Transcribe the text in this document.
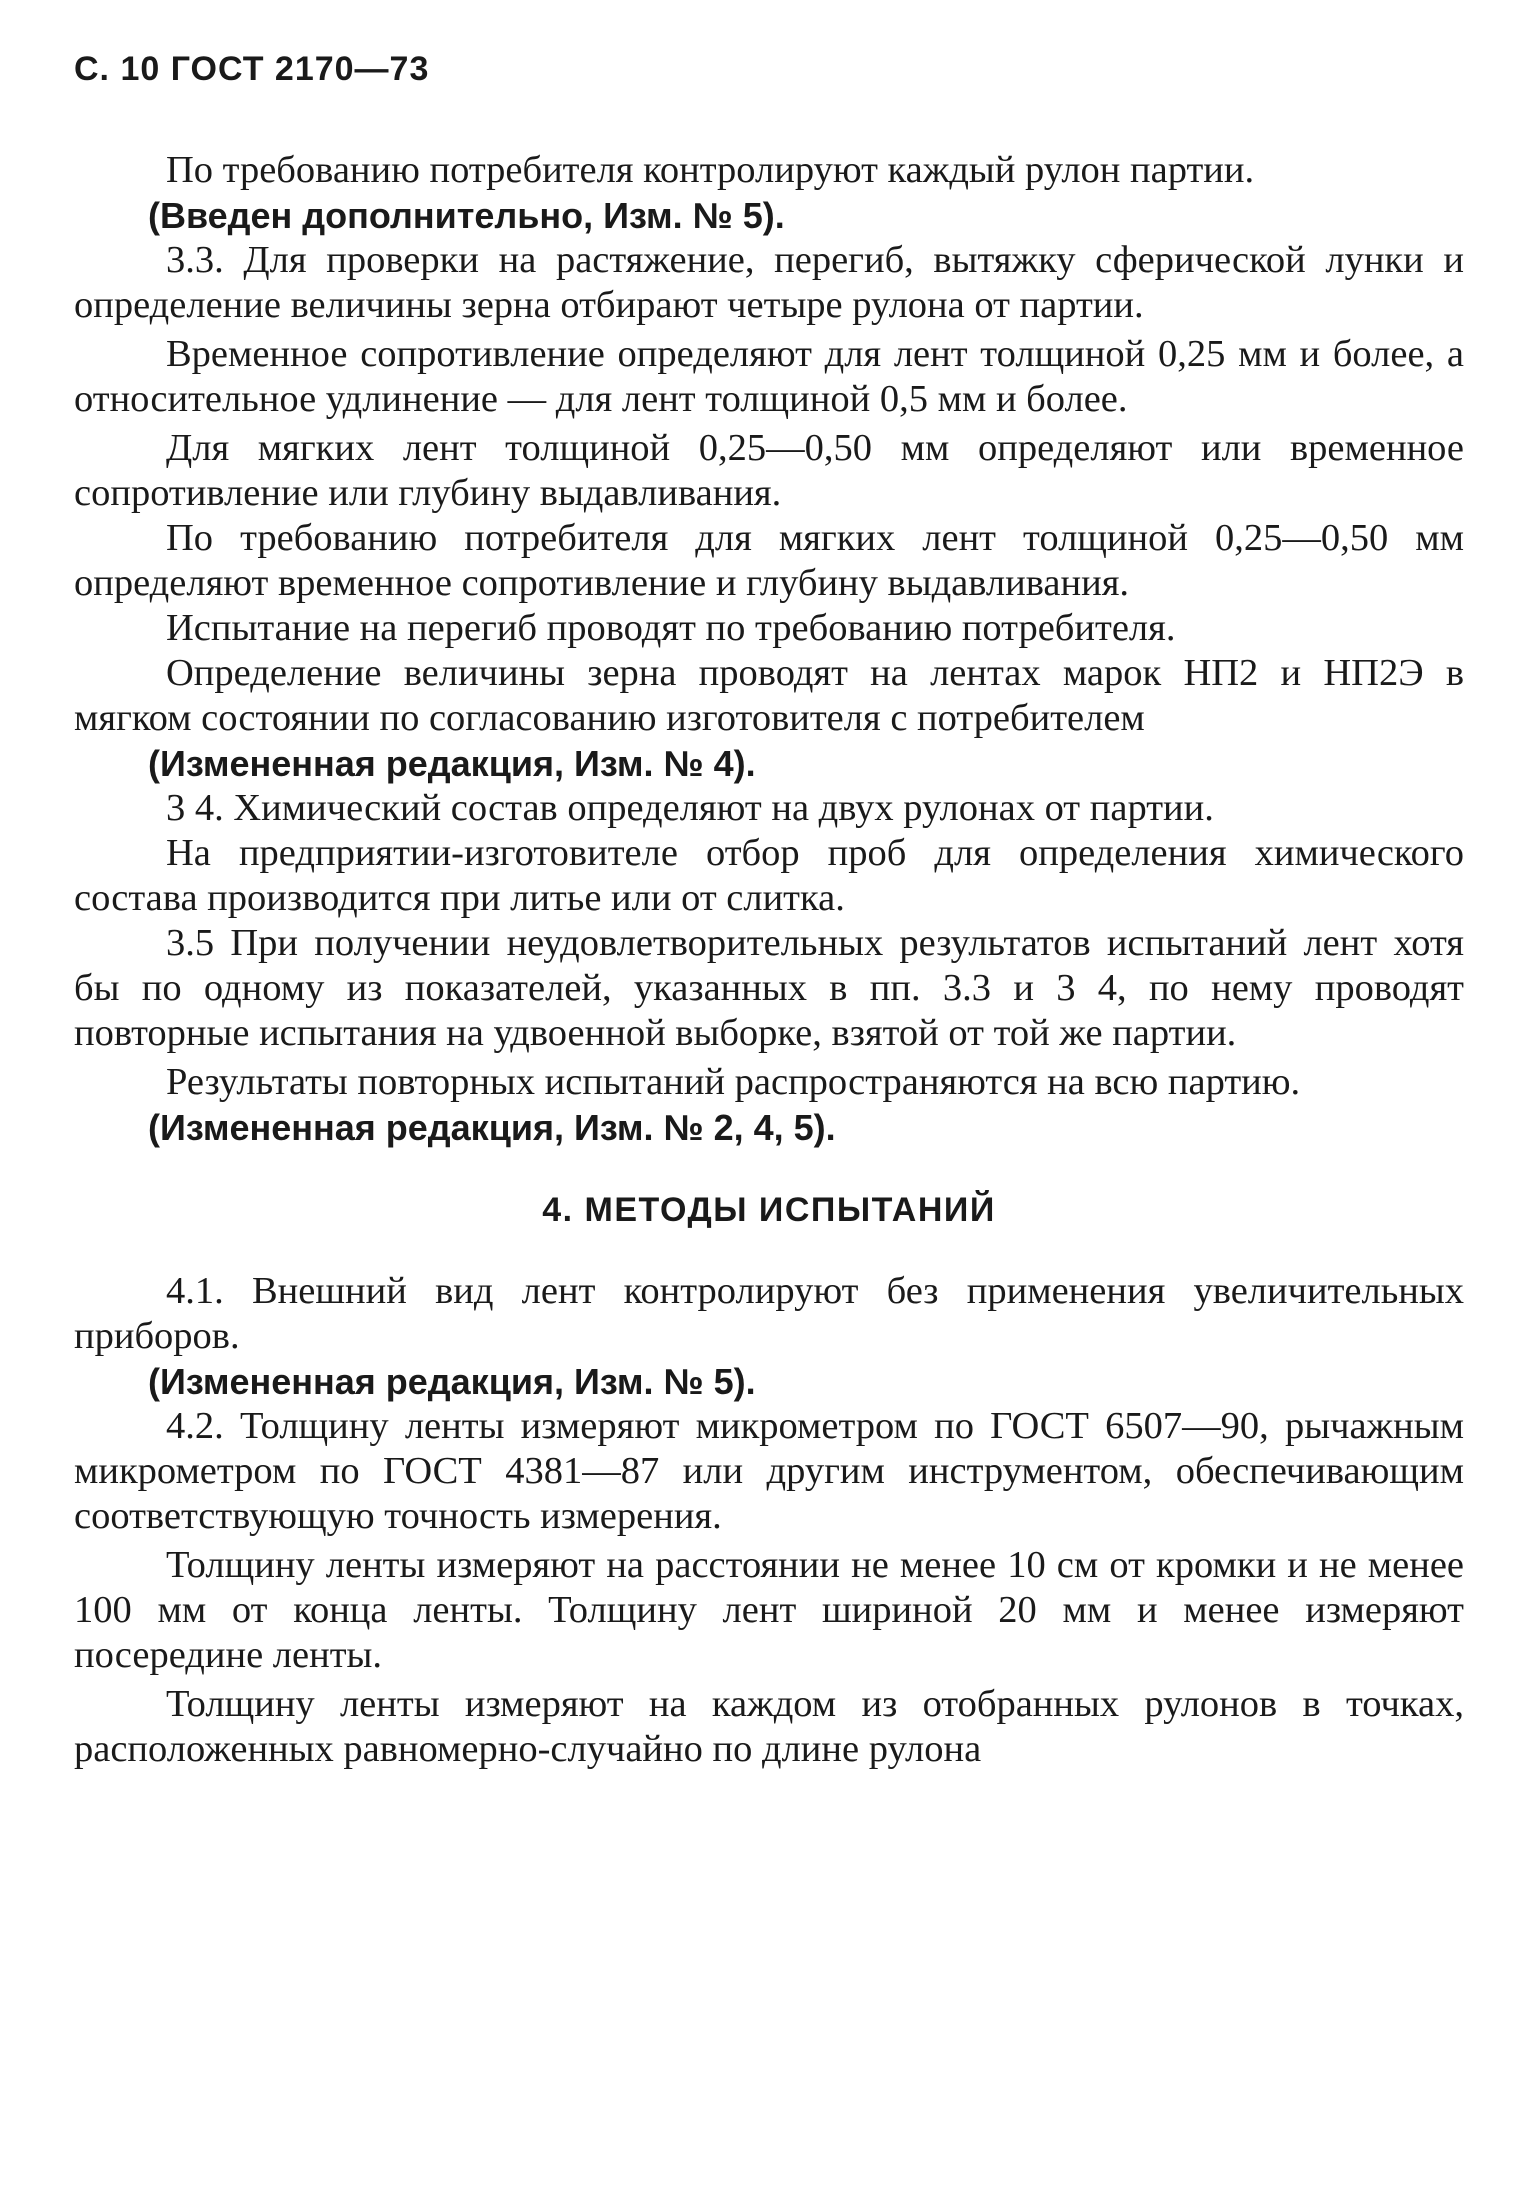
С. 10 ГОСТ 2170—73

По требованию потребителя контролируют каждый рулон партии.

(Введен дополнительно, Изм. № 5).

3.3. Для проверки на растяжение, перегиб, вытяжку сферической лунки и определение величины зерна отбирают четыре рулона от партии.

Временное сопротивление определяют для лент толщиной 0,25 мм и более, а относительное удлинение — для лент толщиной 0,5 мм и более.

Для мягких лент толщиной 0,25—0,50 мм определяют или временное сопротивление или глубину выдавливания.

По требованию потребителя для мягких лент толщиной 0,25—0,50 мм определяют временное сопротивление и глубину выдавливания.

Испытание на перегиб проводят по требованию потребителя.

Определение величины зерна проводят на лентах марок НП2 и НП2Э в мягком состоянии по согласованию изготовителя с потребителем

(Измененная редакция, Изм. № 4).

3 4. Химический состав определяют на двух рулонах от партии.

На предприятии-изготовителе отбор проб для определения химического состава производится при литье или от слитка.

3.5 При получении неудовлетворительных результатов испытаний лент хотя бы по одному из показателей, указанных в пп. 3.3 и 3 4, по нему проводят повторные испытания на удвоенной выборке, взятой от той же партии.

Результаты повторных испытаний распространяются на всю партию.

(Измененная редакция, Изм. № 2, 4, 5).

4. МЕТОДЫ ИСПЫТАНИЙ

4.1. Внешний вид лент контролируют без применения увеличительных приборов.

(Измененная редакция, Изм. № 5).

4.2. Толщину ленты измеряют микрометром по ГОСТ 6507—90, рычажным микрометром по ГОСТ 4381—87 или другим инструментом, обеспечивающим соответствующую точность измерения.

Толщину ленты измеряют на расстоянии не менее 10 см от кромки и не менее 100 мм от конца ленты. Толщину лент шириной 20 мм и менее измеряют посередине ленты.

Толщину ленты измеряют на каждом из отобранных рулонов в точках, расположенных равномерно-случайно по длине рулона
